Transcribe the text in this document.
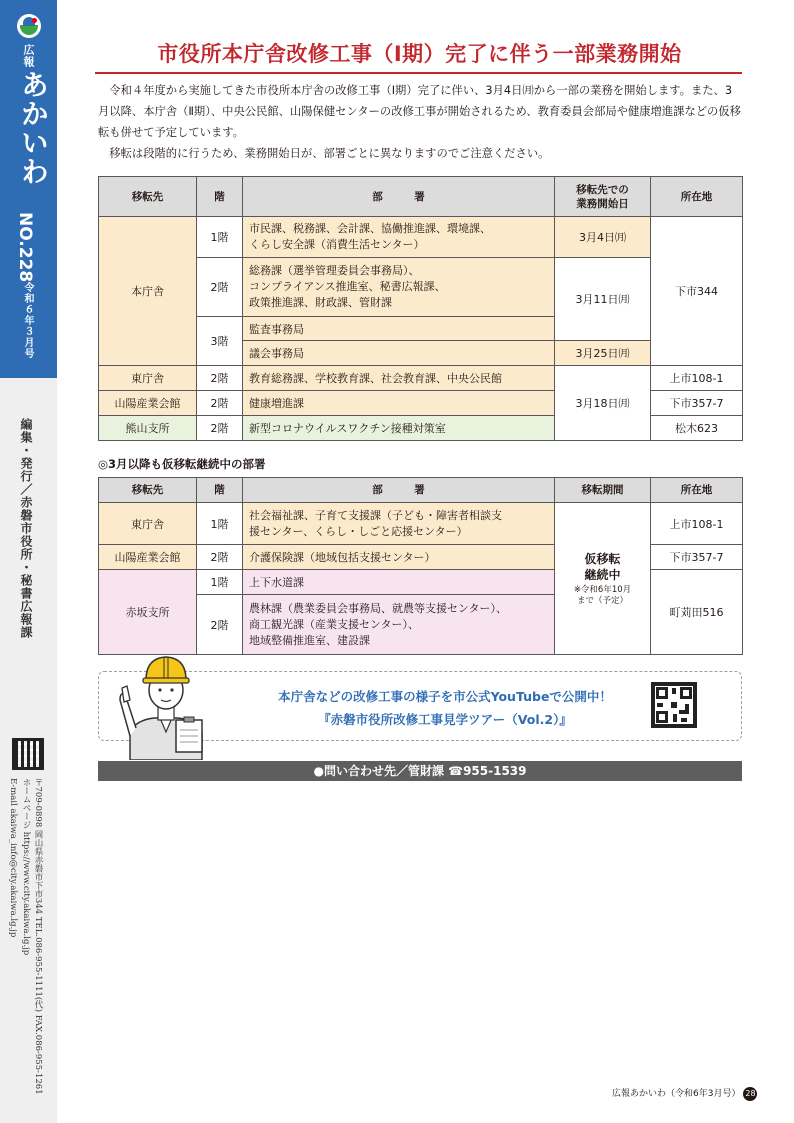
広報
あかいわ
NO.228
令和６年３月号
編集・発行／赤磐市役所・秘書広報課
〒709-0898 岡山県赤磐市下市344 TEL.086-955-1111(代) FAX.086-955-1261
ホームページ https://www.city.akaiwa.lg.jp
E-mail akaiwa_info@city.akaiwa.lg.jp
市役所本庁舎改修工事（Ⅰ期）完了に伴う一部業務開始

令和４年度から実施してきた市役所本庁舎の改修工事（Ⅰ期）完了に伴い、3月4日㈪から一部の業務を開始します。また、3月以降、本庁舎（Ⅱ期）、中央公民館、山陽保健センターの改修工事が開始されるため、教育委員会部局や健康増進課などの仮移転も併せて予定しています。

移転は段階的に行うため、業務開始日が、部署ごとに異なりますのでご注意ください。

移転先	階	部　　　署	移転先での
業務開始日	所在地
本庁舎	1階	市民課、税務課、会計課、協働推進課、環境課、
くらし安全課（消費生活センター）	3月4日㈪	下市344
	2階	総務課（選挙管理委員会事務局）、
コンプライアンス推進室、秘書広報課、
政策推進課、財政課、管財課	3月11日㈪	
	3階	監査事務局		
		議会事務局	3月25日㈪	
東庁舎	2階	教育総務課、学校教育課、社会教育課、中央公民館	3月18日㈪	上市108-1
山陽産業会館	2階	健康増進課		下市357-7
熊山支所	2階	新型コロナウイルスワクチン接種対策室		松木623
◎3月以降も仮移転継続中の部署
移転先	階	部　　　署	移転期間	所在地
東庁舎	1階	社会福祉課、子育て支援課（子ども・障害者相談支
援センター、くらし・しごと応援センター）	仮移転
継続中
※令和6年10月
まで（予定）	上市108-1
山陽産業会館	2階	介護保険課（地域包括支援センター）		下市357-7
赤坂支所	1階	上下水道課		町苅田516
	2階	農林課（農業委員会事務局、就農等支援センター）、
商工観光課（産業支援センター）、
地域整備推進室、建設課		
本庁舎などの改修工事の様子を市公式YouTubeで公開中！
『赤磐市役所改修工事見学ツアー（Vol.2）』
●問い合わせ先／管財課 ☎955-1539
広報あかいわ（令和6年3月号） 28
